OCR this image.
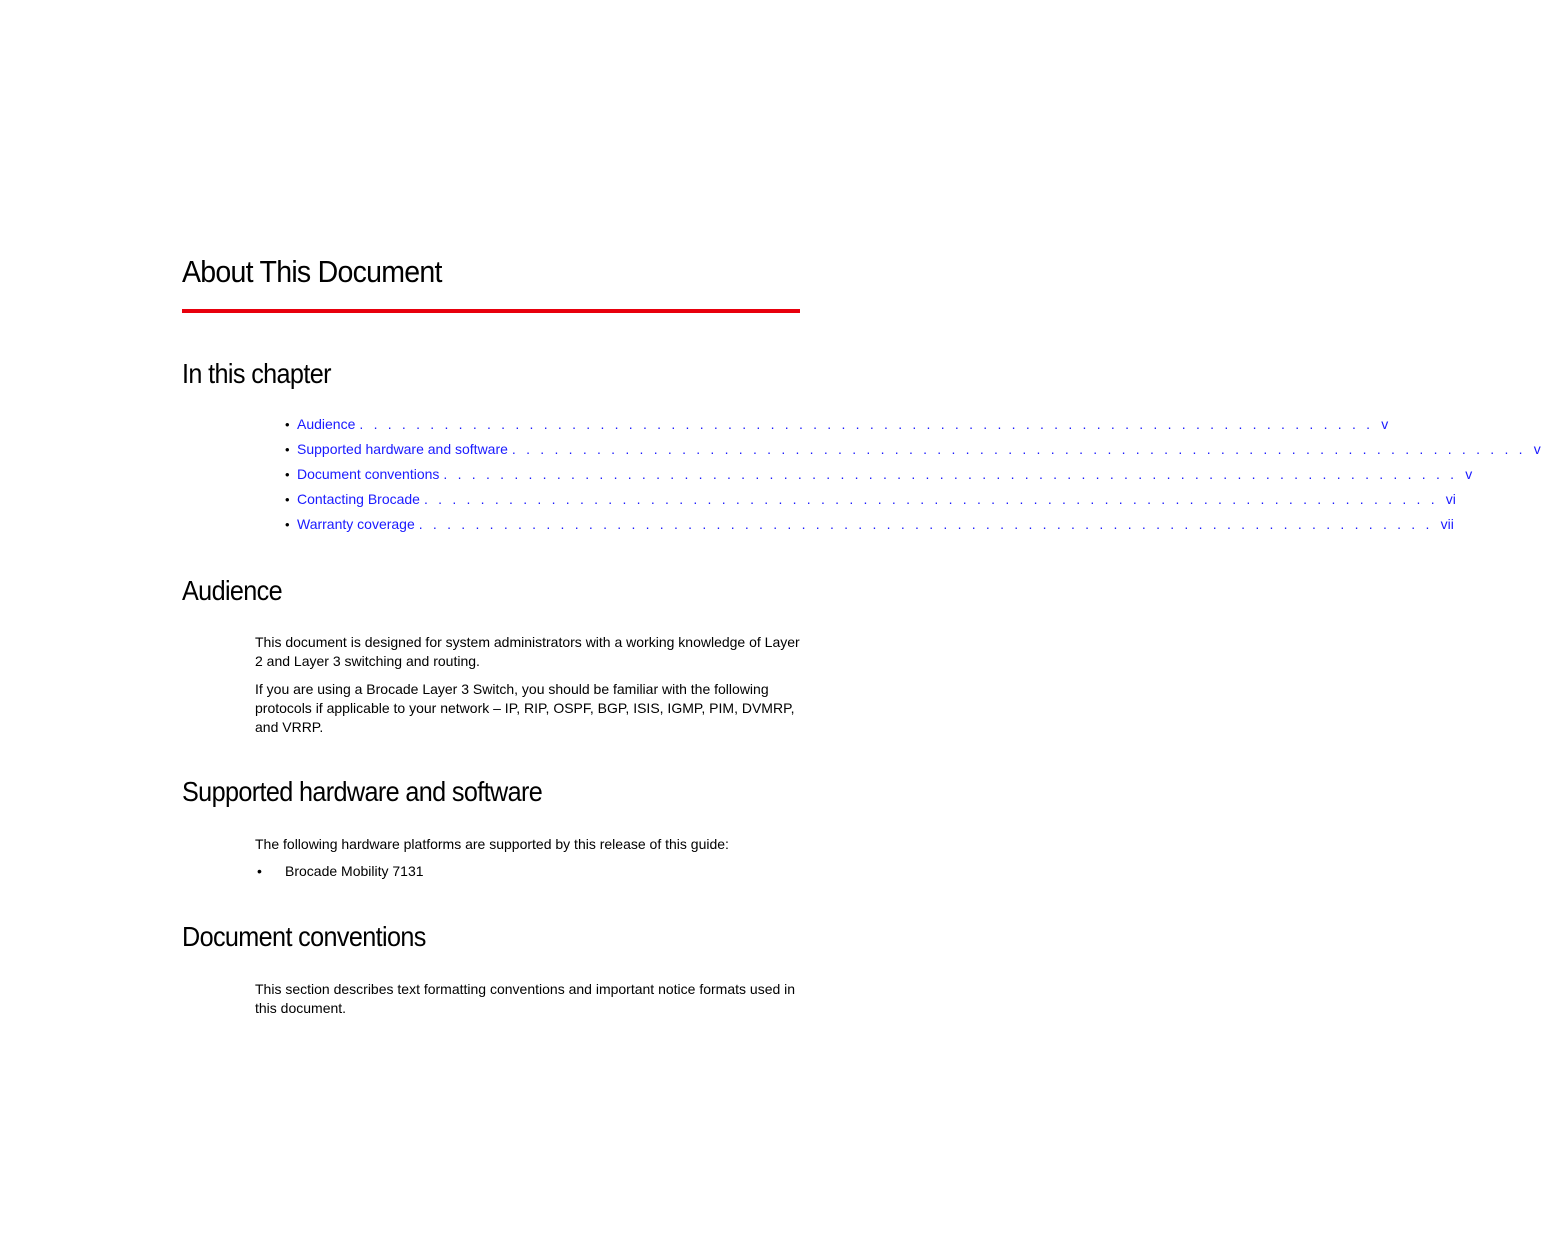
About This Document
In this chapter
• Audience . . . . . . . . . . . . . . . . . . . . . . . . . . . . . . . . . . . . . . . . . . . . . . . . . . . . . . . . . . . . . . . . . . . . . . . . v
• Supported hardware and software . . . . . . . . . . . . . . . . . . . . . . . . . . . . . . . . . . . . . . . . . . . . . . . . . . . . . . . . . . . . . . . . . . . . . . . . v
• Document conventions . . . . . . . . . . . . . . . . . . . . . . . . . . . . . . . . . . . . . . . . . . . . . . . . . . . . . . . . . . . . . . . . . . . . . . . . v
• Contacting Brocade . . . . . . . . . . . . . . . . . . . . . . . . . . . . . . . . . . . . . . . . . . . . . . . . . . . . . . . . . . . . . . . . . . . . . . . . vi
• Warranty coverage . . . . . . . . . . . . . . . . . . . . . . . . . . . . . . . . . . . . . . . . . . . . . . . . . . . . . . . . . . . . . . . . . . . . . . . . vii
Audience

This document is designed for system administrators with a working knowledge of Layer 2 and Layer 3 switching and routing.

If you are using a Brocade Layer 3 Switch, you should be familiar with the following protocols if applicable to your network – IP, RIP, OSPF, BGP, ISIS, IGMP, PIM, DVMRP, and VRRP.

Supported hardware and software

The following hardware platforms are supported by this release of this guide:

•	Brocade Mobility 7131
Document conventions

This section describes text formatting conventions and important notice formats used in this document.
